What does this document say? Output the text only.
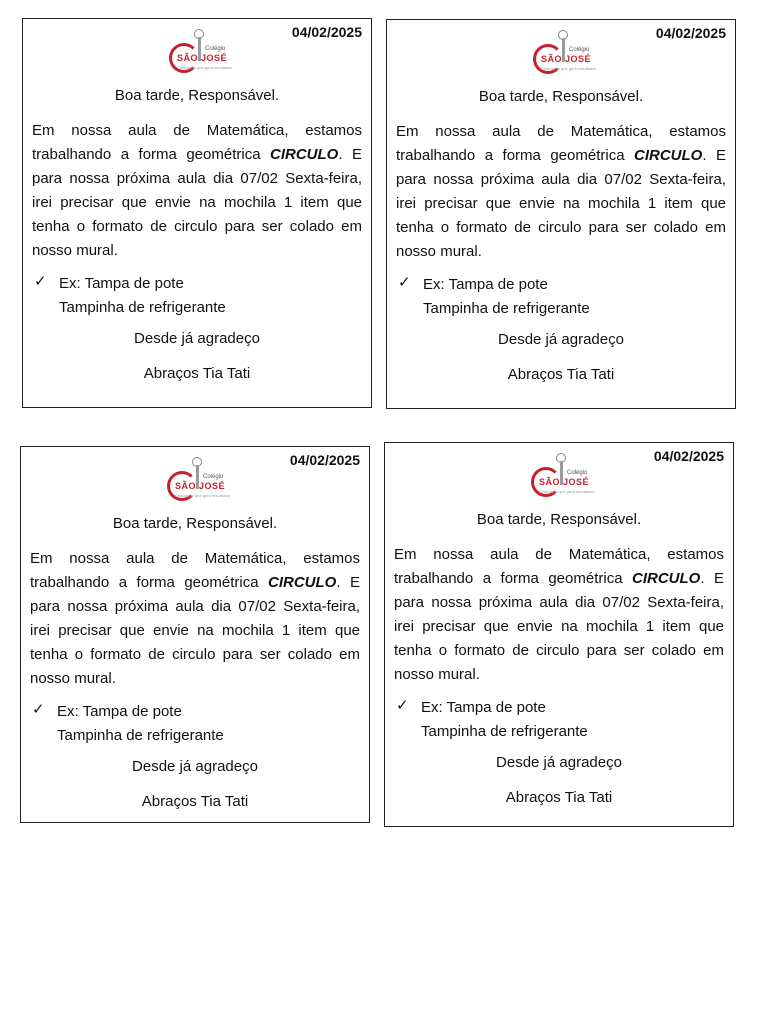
04/02/2025
Colégio
SÃO JOSÉ
Dedicação que gera resultados
Boa tarde, Responsável.
Em nossa aula de Matemática, estamos trabalhando a forma geométrica CIRCULO. E para nossa próxima aula dia 07/02 Sexta-feira, irei precisar que envie na mochila 1 item que tenha o formato de circulo para ser colado em nosso mural.
✓ Ex: Tampa de pote
Tampinha de refrigerante
Desde já agradeço
Abraços Tia Tati
04/02/2025
Colégio
SÃO JOSÉ
Dedicação que gera resultados
Boa tarde, Responsável.
Em nossa aula de Matemática, estamos trabalhando a forma geométrica CIRCULO. E para nossa próxima aula dia 07/02 Sexta-feira, irei precisar que envie na mochila 1 item que tenha o formato de circulo para ser colado em nosso mural.
✓ Ex: Tampa de pote
Tampinha de refrigerante
Desde já agradeço
Abraços Tia Tati
04/02/2025
Colégio
SÃO JOSÉ
Dedicação que gera resultados
Boa tarde, Responsável.
Em nossa aula de Matemática, estamos trabalhando a forma geométrica CIRCULO. E para nossa próxima aula dia 07/02 Sexta-feira, irei precisar que envie na mochila 1 item que tenha o formato de circulo para ser colado em nosso mural.
✓ Ex: Tampa de pote
Tampinha de refrigerante
Desde já agradeço
Abraços Tia Tati
04/02/2025
Colégio
SÃO JOSÉ
Dedicação que gera resultados
Boa tarde, Responsável.
Em nossa aula de Matemática, estamos trabalhando a forma geométrica CIRCULO. E para nossa próxima aula dia 07/02 Sexta-feira, irei precisar que envie na mochila 1 item que tenha o formato de circulo para ser colado em nosso mural.
✓ Ex: Tampa de pote
Tampinha de refrigerante
Desde já agradeço
Abraços Tia Tati
